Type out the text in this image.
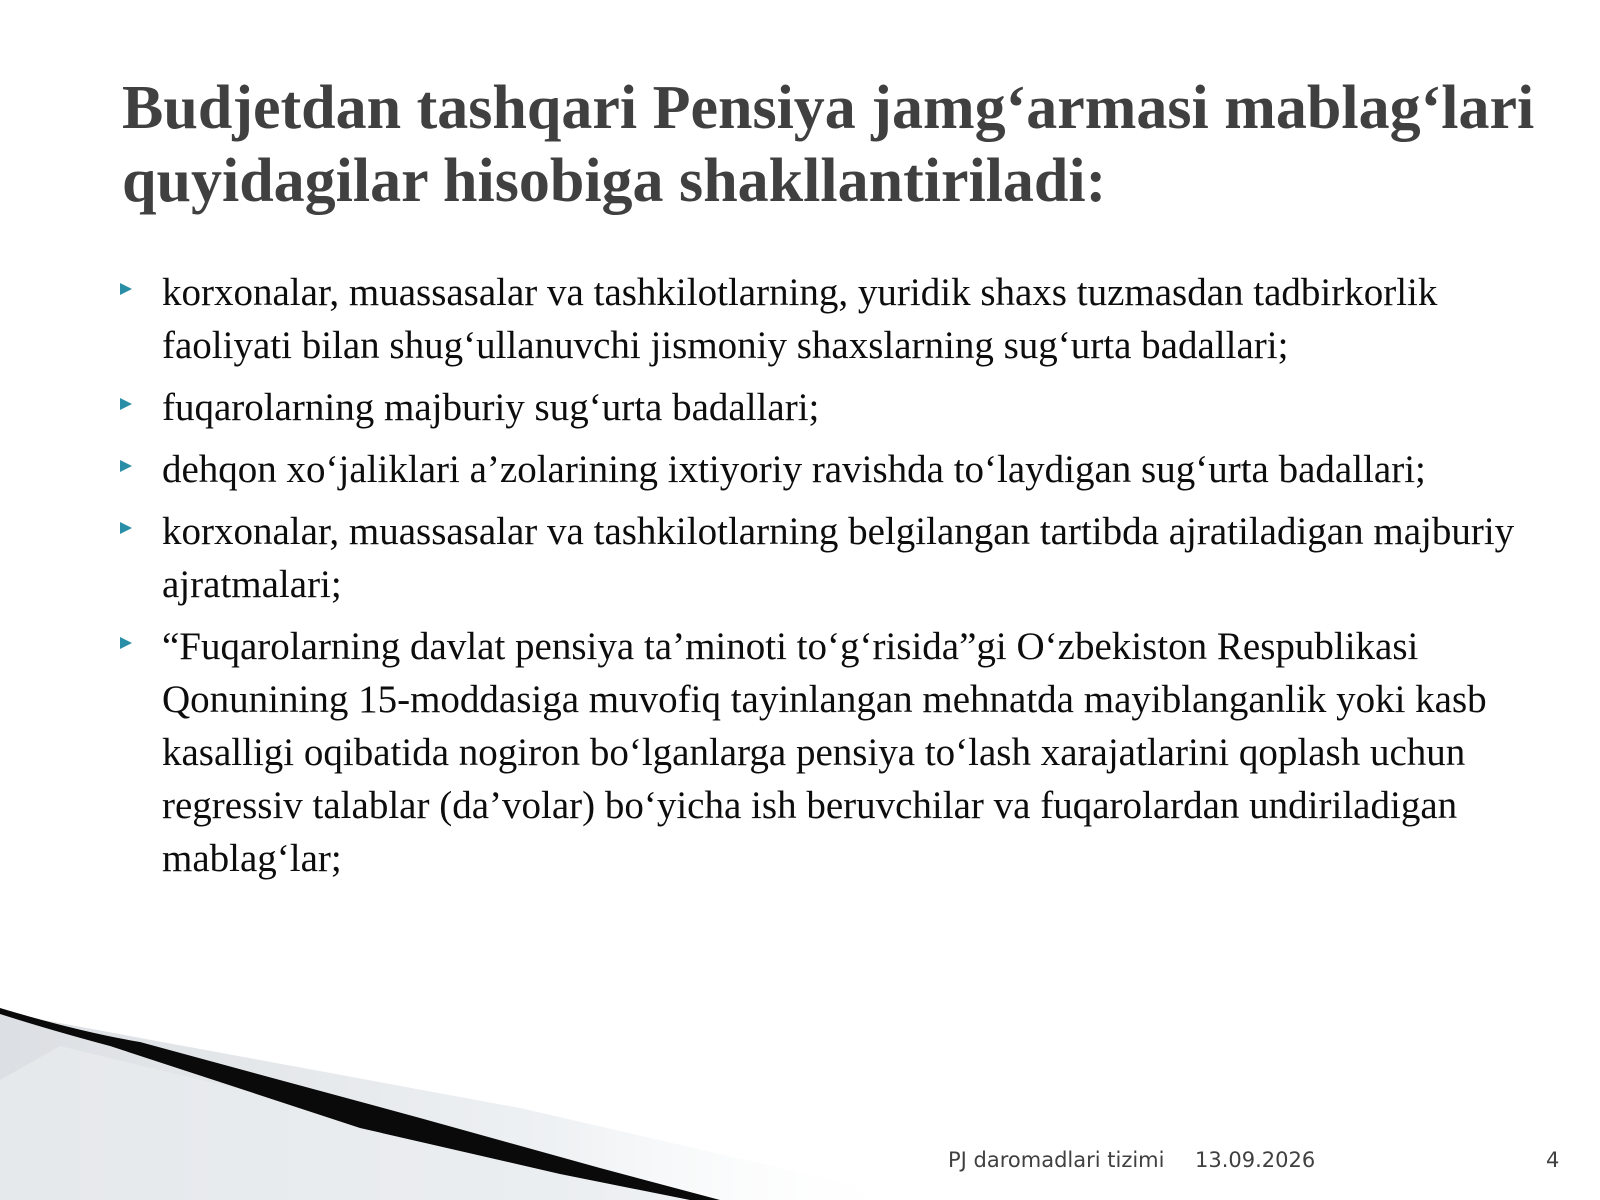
Budjetdan tashqari Pensiya jamg‘armasi mablag‘lari quyidagilar hisobiga shakllantiriladi:
korxonalar, muassasalar va tashkilotlarning, yuridik shaxs tuzmasdan tadbirkorlik faoliyati bilan shug‘ullanuvchi jismoniy shaxslarning sug‘urta badallari;
fuqarolarning majburiy sug‘urta badallari;
dehqon xo‘jaliklari a’zolarining ixtiyoriy ravishda to‘laydigan sug‘urta badallari;
korxonalar, muassasalar va tashkilotlarning belgilangan tartibda ajratiladigan majburiy ajratmalari;
“Fuqarolarning davlat pensiya ta’minoti to‘g‘risida”gi O‘zbekiston Respublikasi Qonunining 15-moddasiga muvofiq tayinlangan mehnatda mayiblanganlik yoki kasb kasalligi oqibatida nogiron bo‘lganlarga pensiya to‘lash xarajatlarini qoplash uchun regressiv talablar (da’volar) bo‘yicha ish beruvchilar va fuqarolardan undiriladigan mablag‘lar;
PJ daromadlari tizimi 13.09.2026	4
